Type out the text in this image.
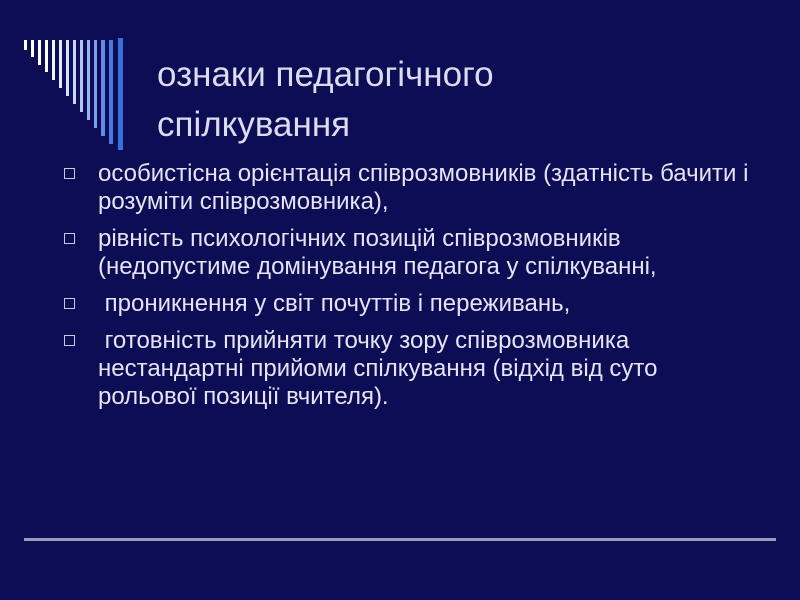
ознаки педагогічного
спілкування
особистісна орієнтація співрозмовників (здатність бачити і розуміти співрозмовника),
рівність психологічних позицій співрозмовників (недопустиме домінування педагога у спілкуванні,
проникнення у світ почуттів і переживань,
готовність прийняти точку зору співрозмовника нестандартні прийоми спілкування (відхід від суто рольової позиції вчителя).
